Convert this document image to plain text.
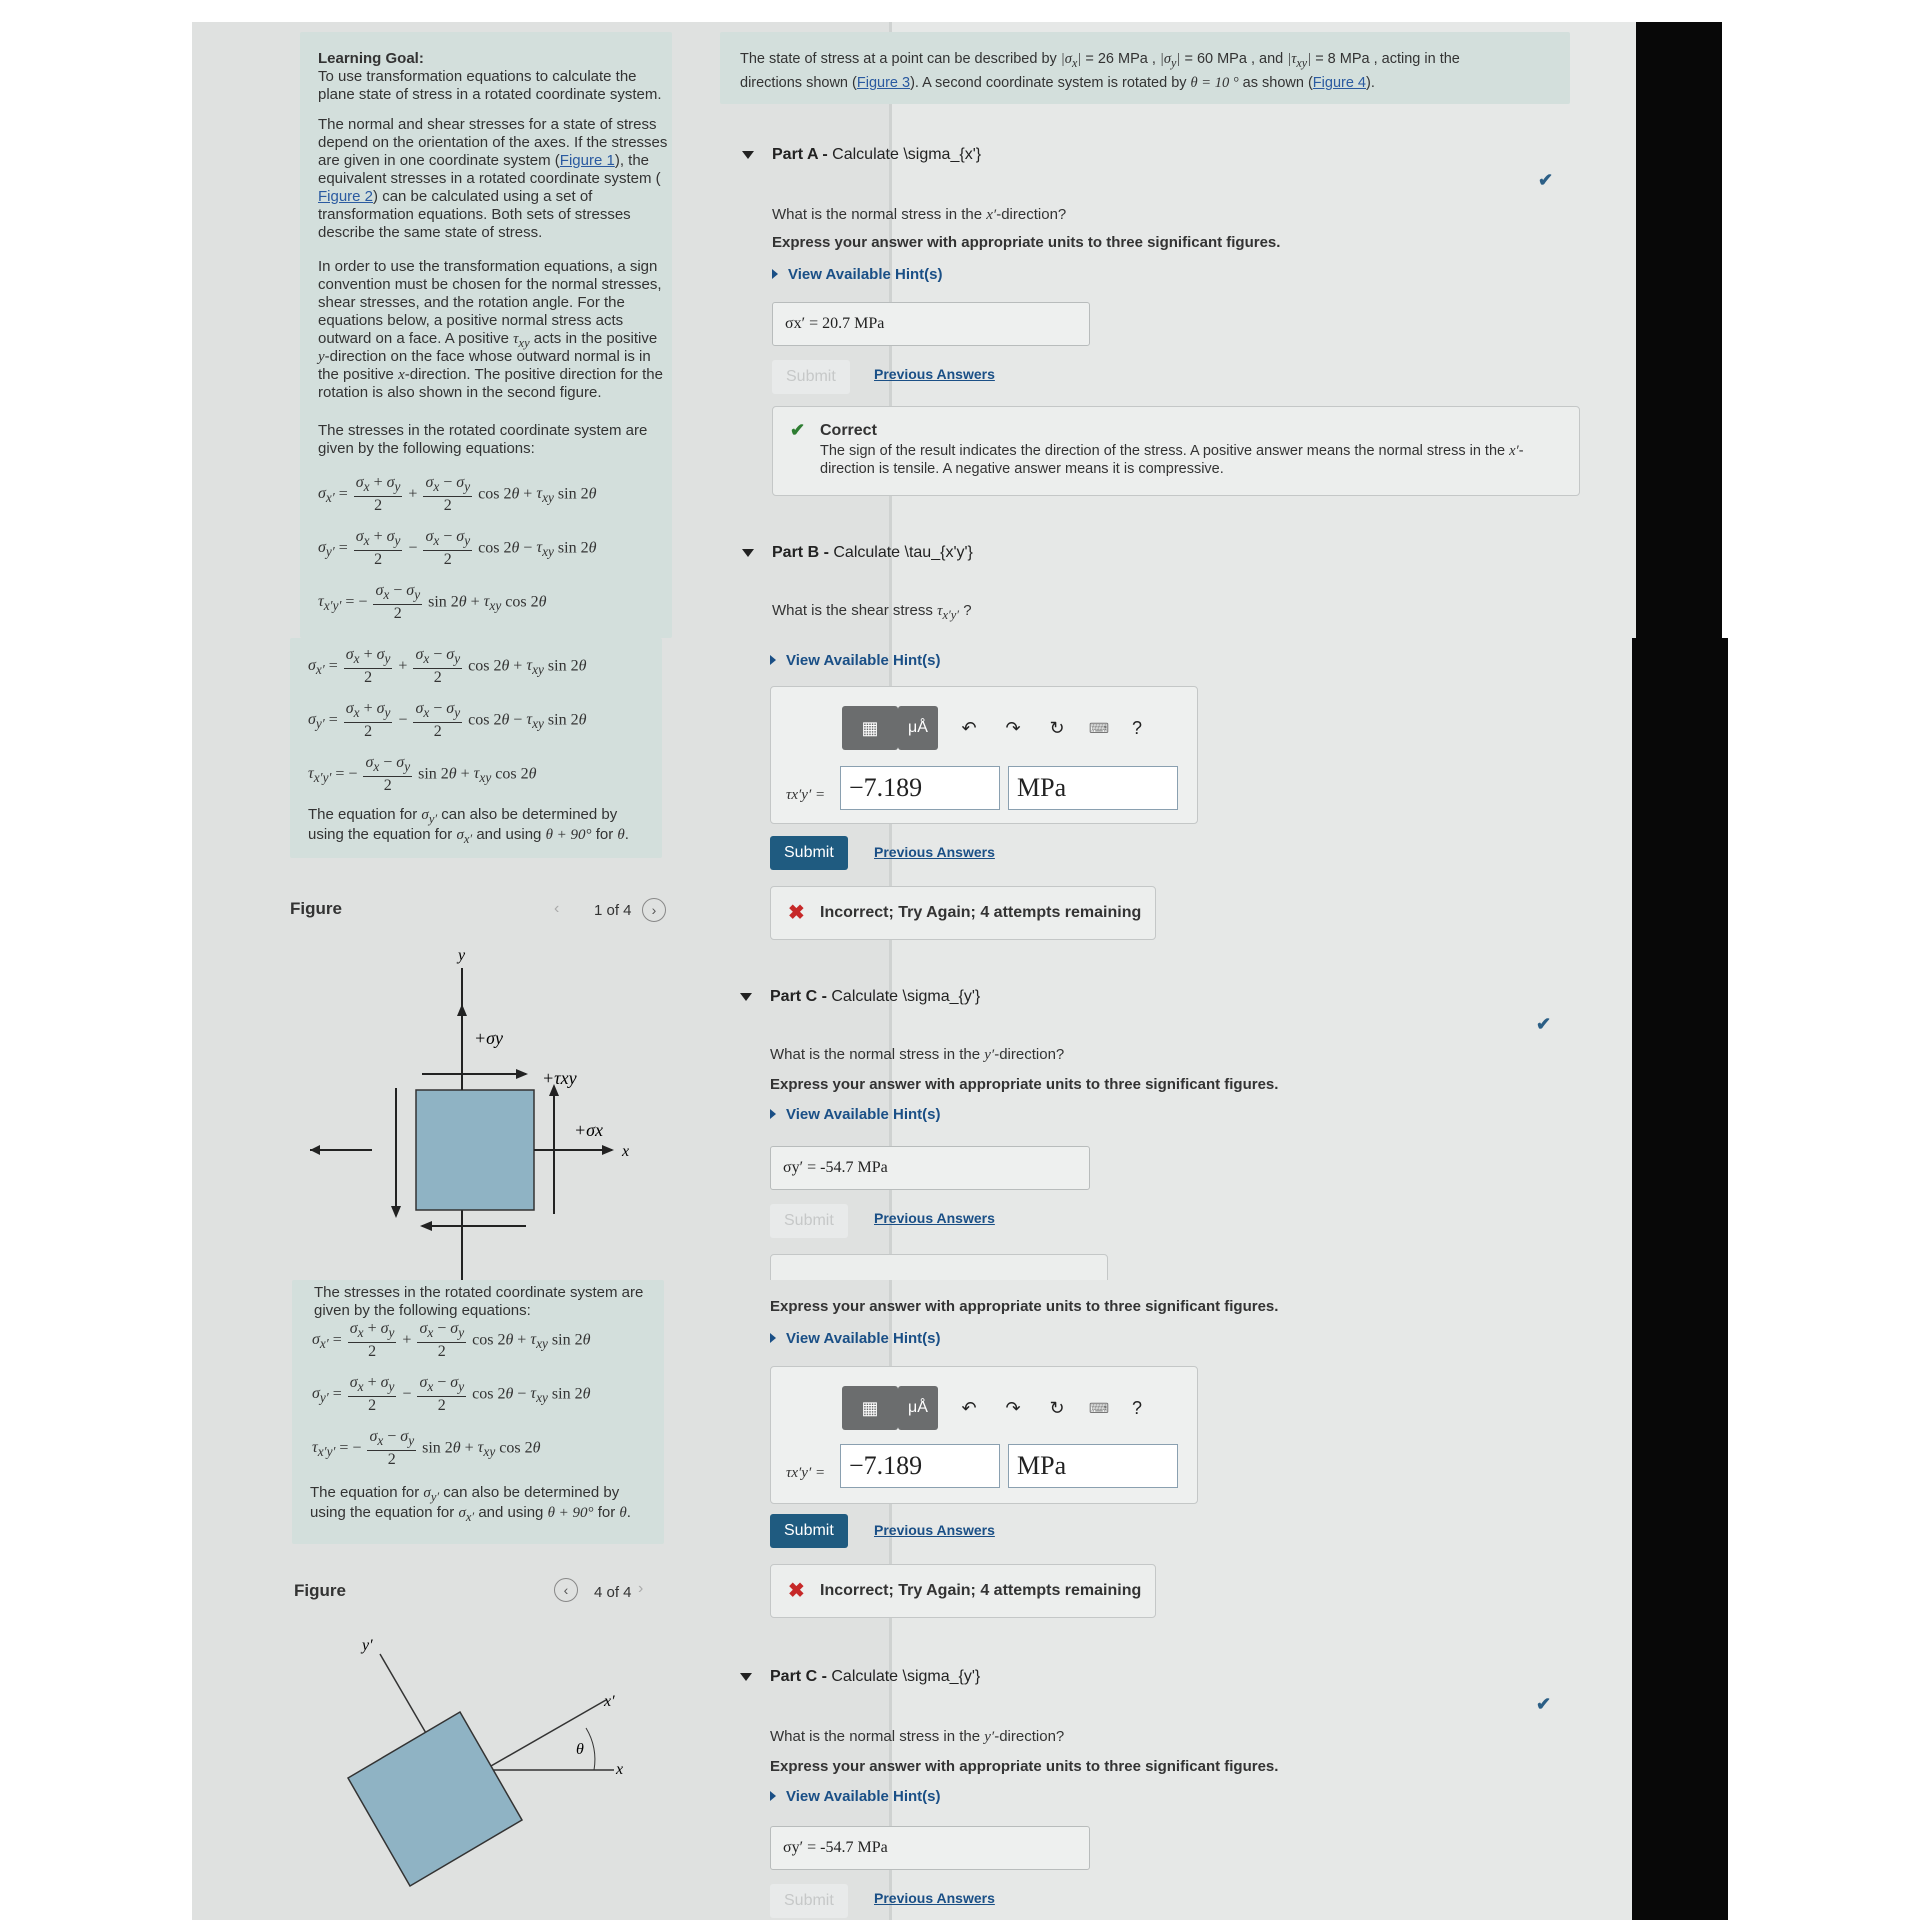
Learning Goal:
To use transformation equations to calculate the
plane state of stress in a rotated coordinate system.
The normal and shear stresses for a state of stress
depend on the orientation of the axes. If the stresses
are given in one coordinate system (Figure 1), the
equivalent stresses in a rotated coordinate system (
Figure 2) can be calculated using a set of
transformation equations. Both sets of stresses
describe the same state of stress.
In order to use the transformation equations, a sign
convention must be chosen for the normal stresses,
shear stresses, and the rotation angle. For the
equations below, a positive normal stress acts
outward on a face. A positive $\tau_{xy}$ acts in the positive
y-direction on the face whose outward normal is in
the positive x-direction. The positive direction for the
rotation is also shown in the second figure.
The stresses in the rotated coordinate system are
given by the following equations:
$\sigma_{x'} = \frac{\sigma_x + \sigma_y}{2} + \frac{\sigma_x - \sigma_y}{2}$ $\cos 2\theta + \tau_{xy}$ sin 2θ
$\sigma_{y'} = \frac{\sigma_x + \sigma_y}{2} - \frac{\sigma_x - \sigma_y}{2}$ $\cos 2\theta - \tau_{xy}$ sin 2θ
$\tau_{x'y'}$ = − $\frac{\sigma_x - \sigma_y}{2}$ $\sin 2\theta + \tau_{xy}$ cos 2θ
The state of stress at a point can be described by $|\sigma_x| = 26$ MPa , $|\sigma_y| = 60$ MPa , and $|\tau_{xy}| = 8$ MPa , acting in the
directions shown (Figure 3). A second coordinate system is rotated by θ = 10 ° as shown (Figure 4).
Part A - Calculate \sigma_{x'}
✔
What is the normal stress in the x′-direction?
Express your answer with appropriate units to three significant figures.
View Available Hint(s)
σx′ = 20.7 MPa
Submit	Previous Answers
✔ Correct
The sign of the result indicates the direction of the stress. A positive answer means the normal stress in the x′-
direction is tensile. A negative answer means it is compressive.
Part B - Calculate \tau_{x'y'}
What is the shear stress $\tau_{x'y'}$ ?
$\sigma_{x'} = \frac{\sigma_x + \sigma_y}{2} + \frac{\sigma_x - \sigma_y}{2}$ $\cos 2\theta + \tau_{xy}$ sin 2θ
$\sigma_{y'} = \frac{\sigma_x + \sigma_y}{2} - \frac{\sigma_x - \sigma_y}{2}$ $\cos 2\theta - \tau_{xy}$ sin 2θ
$\tau_{x'y'}$ = − $\frac{\sigma_x - \sigma_y}{2}$ $\sin 2\theta + \tau_{xy}$ cos 2θ
The equation for $\sigma_{y'}$ can also be determined by
using the equation for $\sigma_{x'}$ and using θ + 90° for θ.
Figure	‹ 1 of 4	›
y
+σy
+τxy
+σx
x
View Available Hint(s)
▦	μÅ	↶	↷	↻	⌨	?
τx′y′ = −7.189	MPa
Submit	Previous Answers
✖ Incorrect; Try Again; 4 attempts remaining
Part C - Calculate \sigma_{y'}
✔
What is the normal stress in the y′-direction?
Express your answer with appropriate units to three significant figures.
View Available Hint(s)
σy′ = -54.7 MPa
Submit	Previous Answers
The stresses in the rotated coordinate system are
given by the following equations:
$\sigma_{x'} = \frac{\sigma_x + \sigma_y}{2} + \frac{\sigma_x - \sigma_y}{2}$ $\cos 2\theta + \tau_{xy}$ sin 2θ
$\sigma_{y'} = \frac{\sigma_x + \sigma_y}{2} - \frac{\sigma_x - \sigma_y}{2}$ $\cos 2\theta - \tau_{xy}$ sin 2θ
$\tau_{x'y'}$ = − $\frac{\sigma_x - \sigma_y}{2}$ $\sin 2\theta + \tau_{xy}$ cos 2θ
The equation for $\sigma_{y'}$ can also be determined by
using the equation for $\sigma_{x'}$ and using θ + 90° for θ.
Figure	‹	4 of 4 ›
y′
x′
θ
x
Express your answer with appropriate units to three significant figures.
View Available Hint(s)
▦	μÅ	↶	↷	↻	⌨	?
τx′y′ = −7.189	MPa
Submit	Previous Answers
✖ Incorrect; Try Again; 4 attempts remaining
Part C - Calculate \sigma_{y'}
✔
What is the normal stress in the y′-direction?
Express your answer with appropriate units to three significant figures.
View Available Hint(s)
σy′ = -54.7 MPa
Submit	Previous Answers
